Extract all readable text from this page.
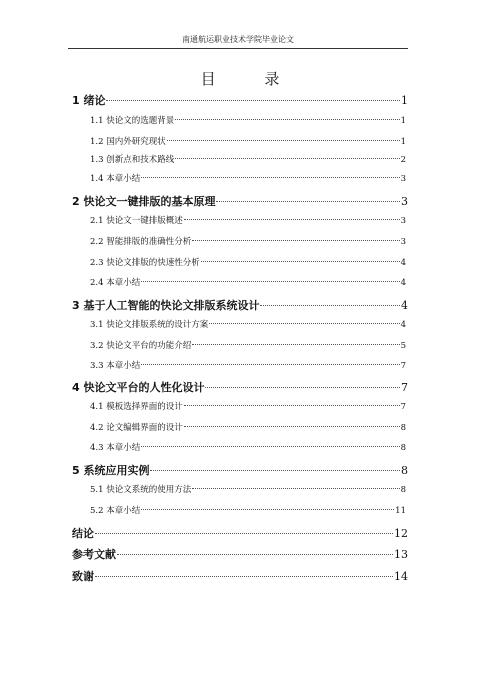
南通航运职业技术学院毕业论文
目 录
1 绪论	1
1.1 快论文的选题背景	1
1.2 国内外研究现状	1
1.3 创新点和技术路线	2
1.4 本章小结	3
2 快论文一键排版的基本原理	3
2.1 快论文一键排版概述	3
2.2 智能排版的准确性分析	3
2.3 快论文排版的快速性分析	4
2.4 本章小结	4
3 基于人工智能的快论文排版系统设计	4
3.1 快论文排版系统的设计方案	4
3.2 快论文平台的功能介绍	5
3.3 本章小结	7
4 快论文平台的人性化设计	7
4.1 模板选择界面的设计	7
4.2 论文编辑界面的设计	8
4.3 本章小结	8
5 系统应用实例	8
5.1 快论文系统的使用方法	8
5.2 本章小结	11
结论	12
参考文献	13
致谢	14
